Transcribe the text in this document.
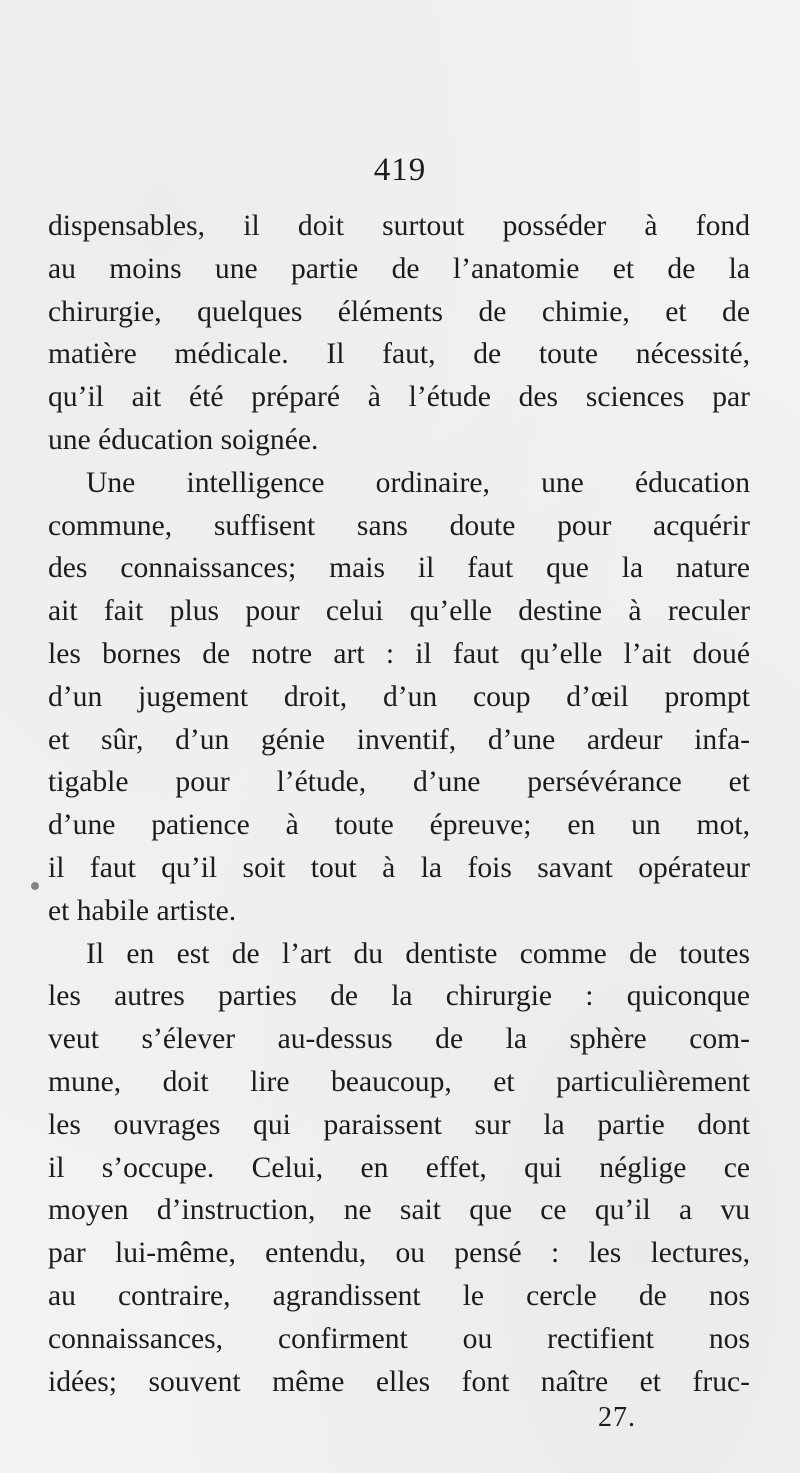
419
dispensables, il doit surtout posséder à fond
au moins une partie de l’anatomie et de la
chirurgie, quelques éléments de chimie, et de
matière médicale. Il faut, de toute nécessité,
qu’il ait été préparé à l’étude des sciences par
une éducation soignée.
Une intelligence ordinaire, une éducation
commune, suffisent sans doute pour acquérir
des connaissances; mais il faut que la nature
ait fait plus pour celui qu’elle destine à reculer
les bornes de notre art : il faut qu’elle l’ait doué
d’un jugement droit, d’un coup d’œil prompt
et sûr, d’un génie inventif, d’une ardeur infa-
tigable pour l’étude, d’une persévérance et
d’une patience à toute épreuve; en un mot,
il faut qu’il soit tout à la fois savant opérateur
et habile artiste.
Il en est de l’art du dentiste comme de toutes
les autres parties de la chirurgie : quiconque
veut s’élever au-dessus de la sphère com-
mune, doit lire beaucoup, et particulièrement
les ouvrages qui paraissent sur la partie dont
il s’occupe. Celui, en effet, qui néglige ce
moyen d’instruction, ne sait que ce qu’il a vu
par lui-même, entendu, ou pensé : les lectures,
au contraire, agrandissent le cercle de nos
connaissances, confirment ou rectifient nos
idées; souvent même elles font naître et fruc-
27.
